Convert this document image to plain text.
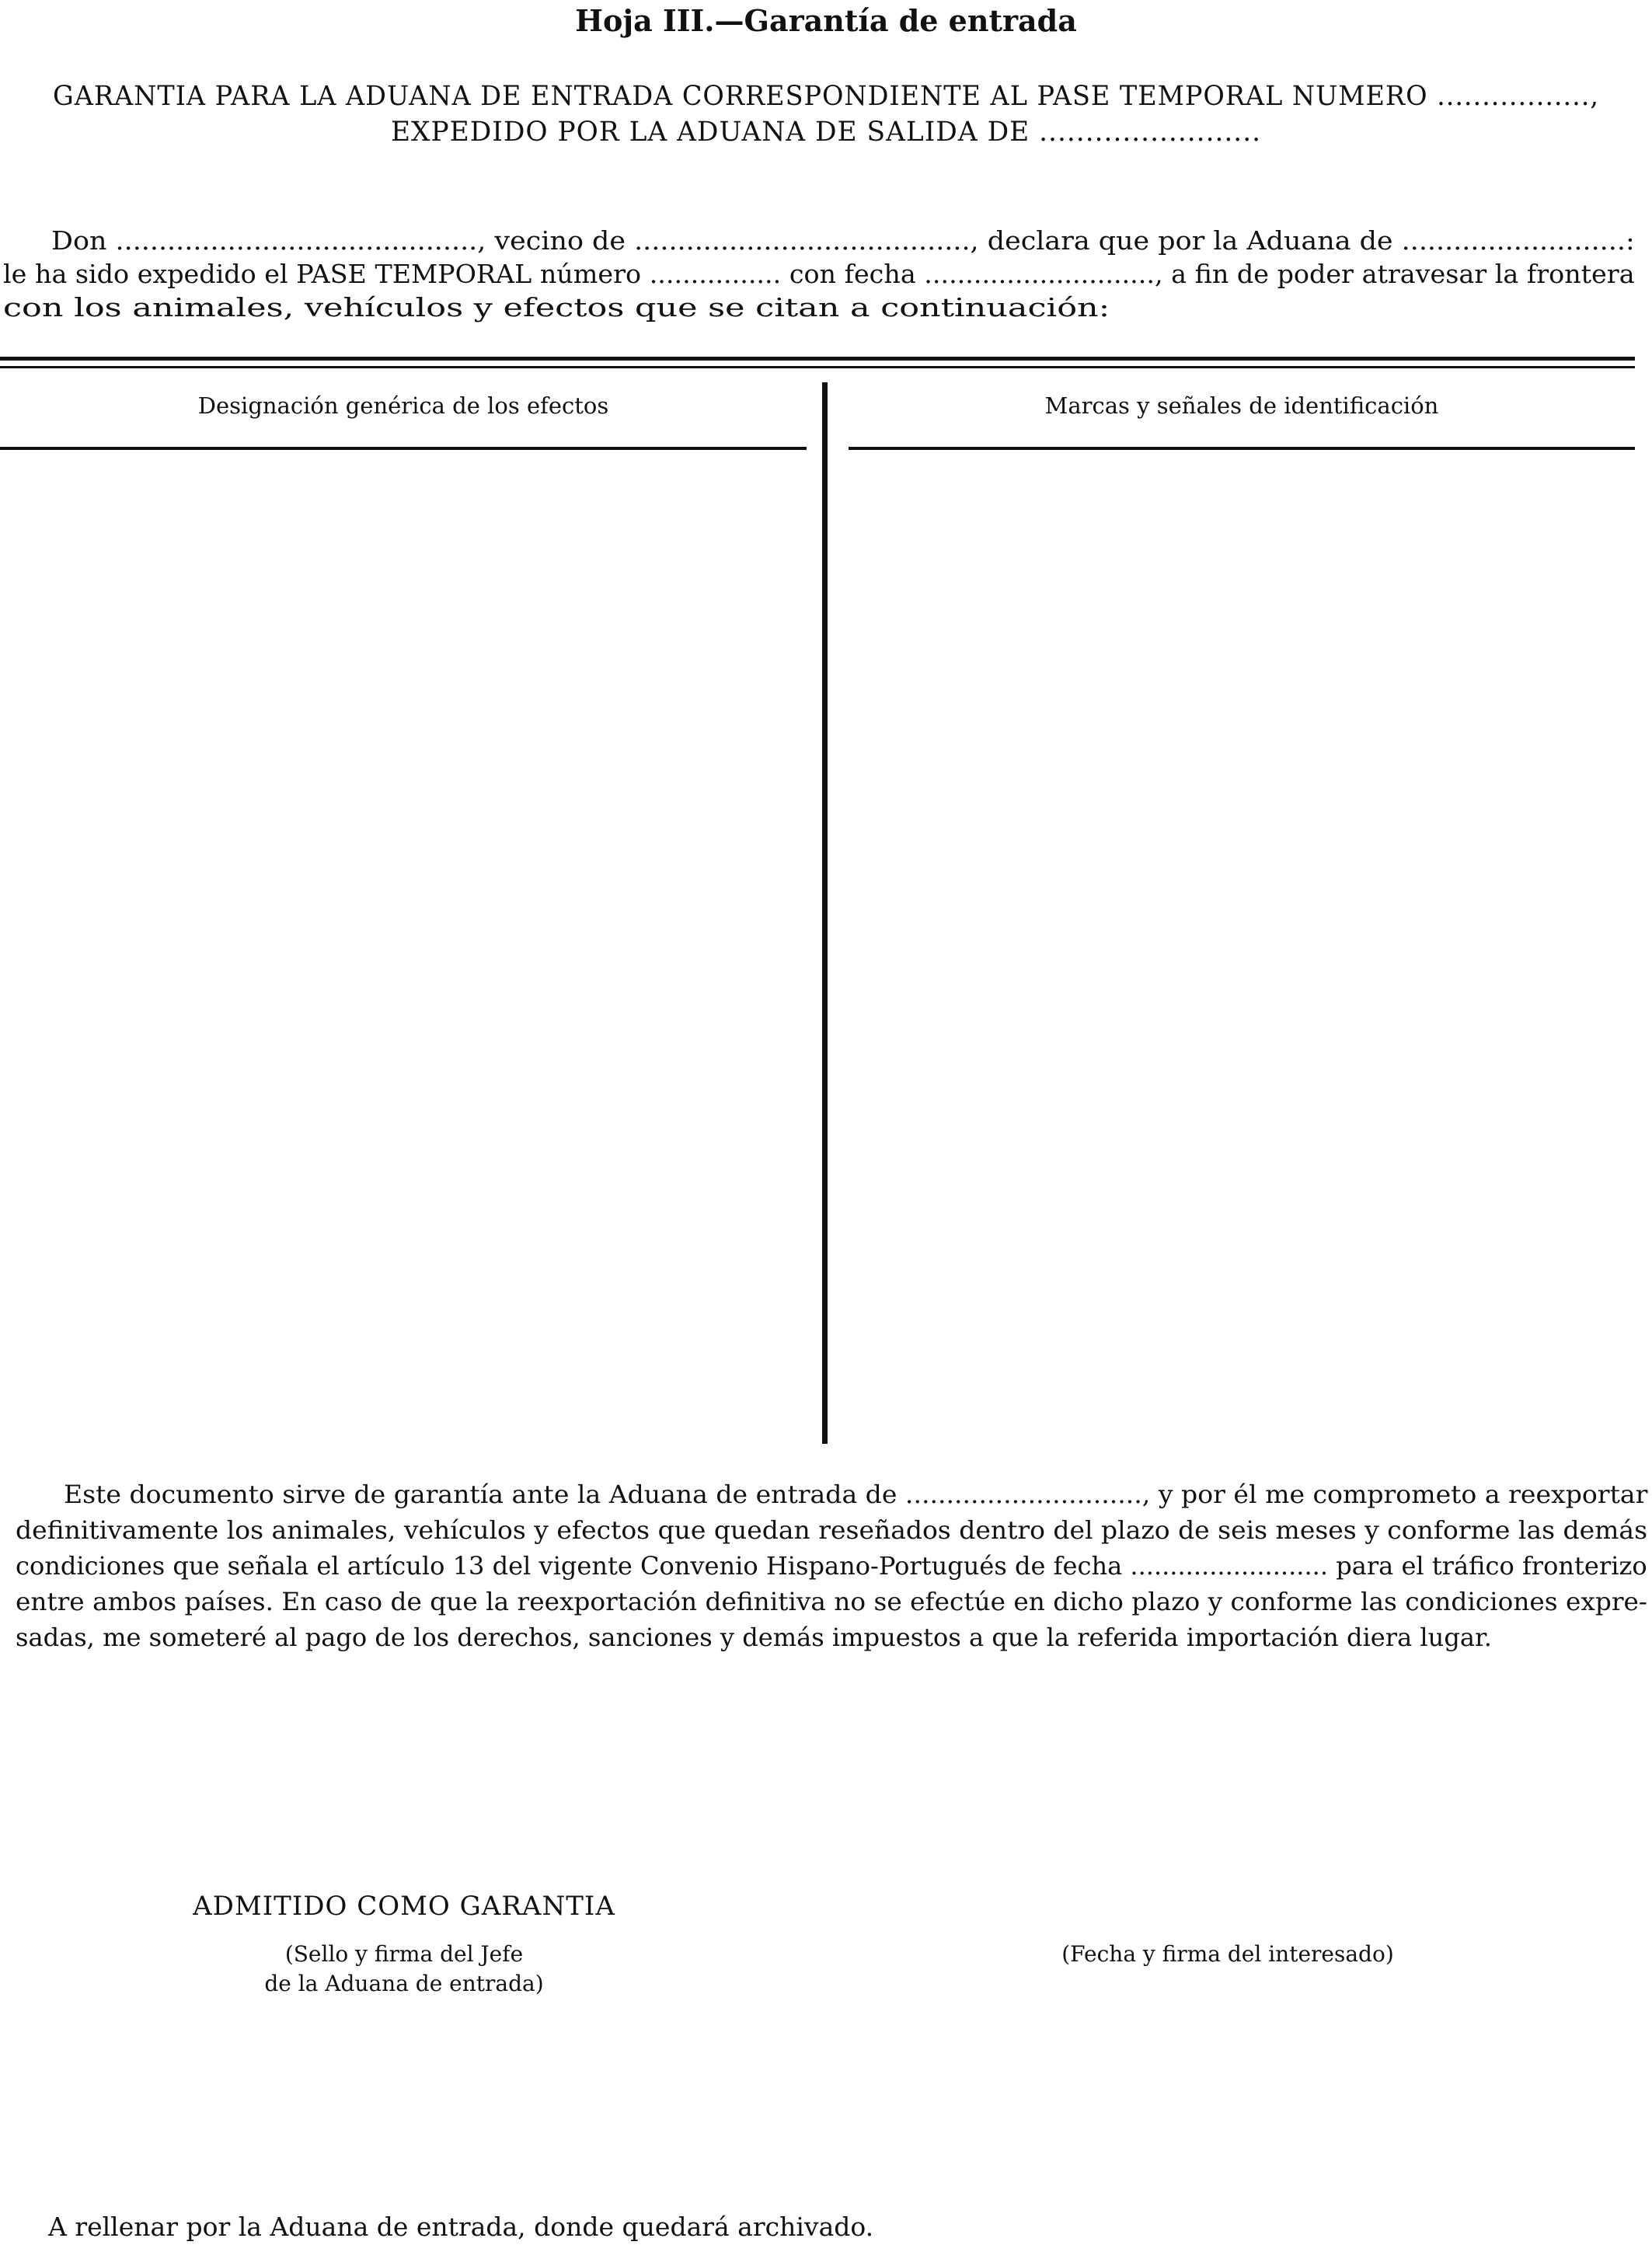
Hoja III.—Garantía de entrada
GARANTIA PARA LA ADUANA DE ENTRADA CORRESPONDIENTE AL PASE TEMPORAL NUMERO .................,
EXPEDIDO POR LA ADUANA DE SALIDA DE ........................
Don .........................................., vecino de ......................................., declara que por la Aduana de ..........................:
le ha sido expedido el PASE TEMPORAL número ................ con fecha ............................, a fin de poder atravesar la frontera
con los animales, vehículos y efectos que se citan a continuación:
Designación genérica de los efectos	Marcas y señales de identificación
Este documento sirve de garantía ante la Aduana de entrada de ............................., y por él me comprometo a reexportar
definitivamente los animales, vehículos y efectos que quedan reseñados dentro del plazo de seis meses y conforme las demás
condiciones que señala el artículo 13 del vigente Convenio Hispano-Portugués de fecha ......................... para el tráfico fronterizo
entre ambos países. En caso de que la reexportación definitiva no se efectúe en dicho plazo y conforme las condiciones expre-
sadas, me someteré al pago de los derechos, sanciones y demás impuestos a que la referida importación diera lugar.
ADMITIDO COMO GARANTIA
(Sello y firma del Jefe
de la Aduana de entrada)
(Fecha y firma del interesado)
A rellenar por la Aduana de entrada, donde quedará archivado.
